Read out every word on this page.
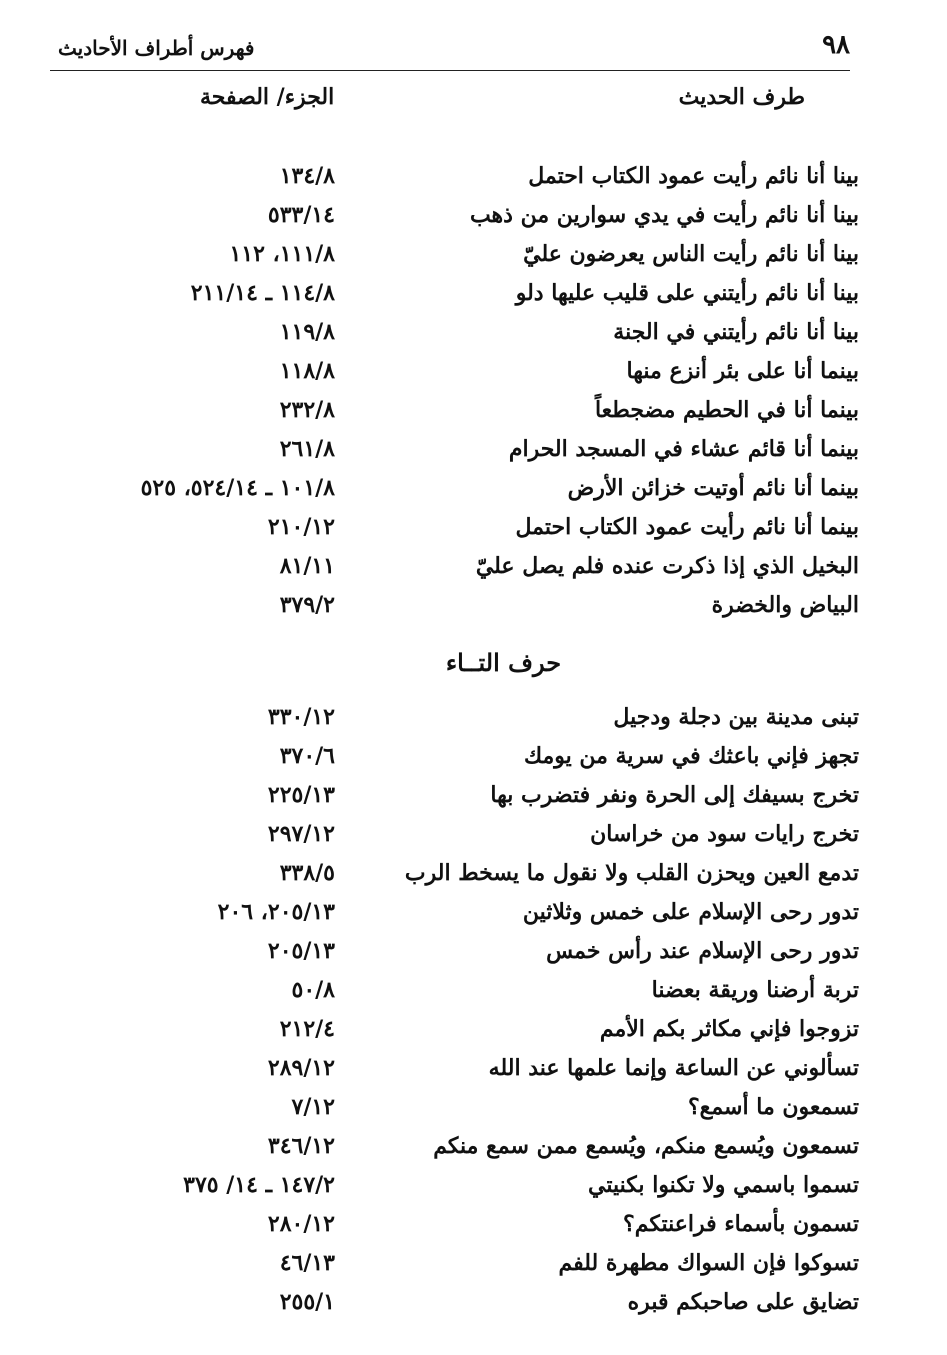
٩٨
فهرس أطراف الأحاديث
طرف الحديث
الجزء/ الصفحة
بينا أنا نائم رأيت عمود الكتاب احتمل
١٣٤/٨
بينا أنا نائم رأيت في يدي سوارين من ذهب
٥٣٣/١٤
بينا أنا نائم رأيت الناس يعرضون عليّ
١١١/٨، ١١٢
بينا أنا نائم رأيتني على قليب عليها دلو
١١٤/٨ ـ ٢١١/١٤
بينا أنا نائم رأيتني في الجنة
١١٩/٨
بينما أنا على بئر أنزع منها
١١٨/٨
بينما أنا في الحطيم مضجطعاً
٢٣٢/٨
بينما أنا قائم عشاء في المسجد الحرام
٢٦١/٨
بينما أنا نائم أوتيت خزائن الأرض
١٠١/٨ ـ ٥٢٤/١٤، ٥٢٥
بينما أنا نائم رأيت عمود الكتاب احتمل
٢١٠/١٢
البخيل الذي إذا ذكرت عنده فلم يصل عليّ
٨١/١١
البياض والخضرة
٣٧٩/٢
حرف التــاء
تبنى مدينة بين دجلة ودجيل
٣٣٠/١٢
تجهز فإني باعثك في سرية من يومك
٣٧٠/٦
تخرج بسيفك إلى الحرة ونفر فتضرب بها
٢٢٥/١٣
تخرج رايات سود من خراسان
٢٩٧/١٢
تدمع العين ويحزن القلب ولا نقول ما يسخط الرب
٣٣٨/٥
تدور رحى الإسلام على خمس وثلاثين
٢٠٥/١٣، ٢٠٦
تدور رحى الإسلام عند رأس خمس
٢٠٥/١٣
تربة أرضنا وريقة بعضنا
٥٠/٨
تزوجوا فإني مكاثر بكم الأمم
٢١٢/٤
تسألوني عن الساعة وإنما علمها عند الله
٢٨٩/١٢
تسمعون ما أسمع؟
٧/١٢
تسمعون ويُسمع منكم، ويُسمع ممن سمع منكم
٣٤٦/١٢
تسموا باسمي ولا تكنوا بكنيتي
١٤٧/٢ ـ ١٤/ ٣٧٥
تسمون بأسماء فراعنتكم؟
٢٨٠/١٢
تسوكوا فإن السواك مطهرة للفم
٤٦/١٣
تضايق على صاحبكم قبره
٢٥٥/١
